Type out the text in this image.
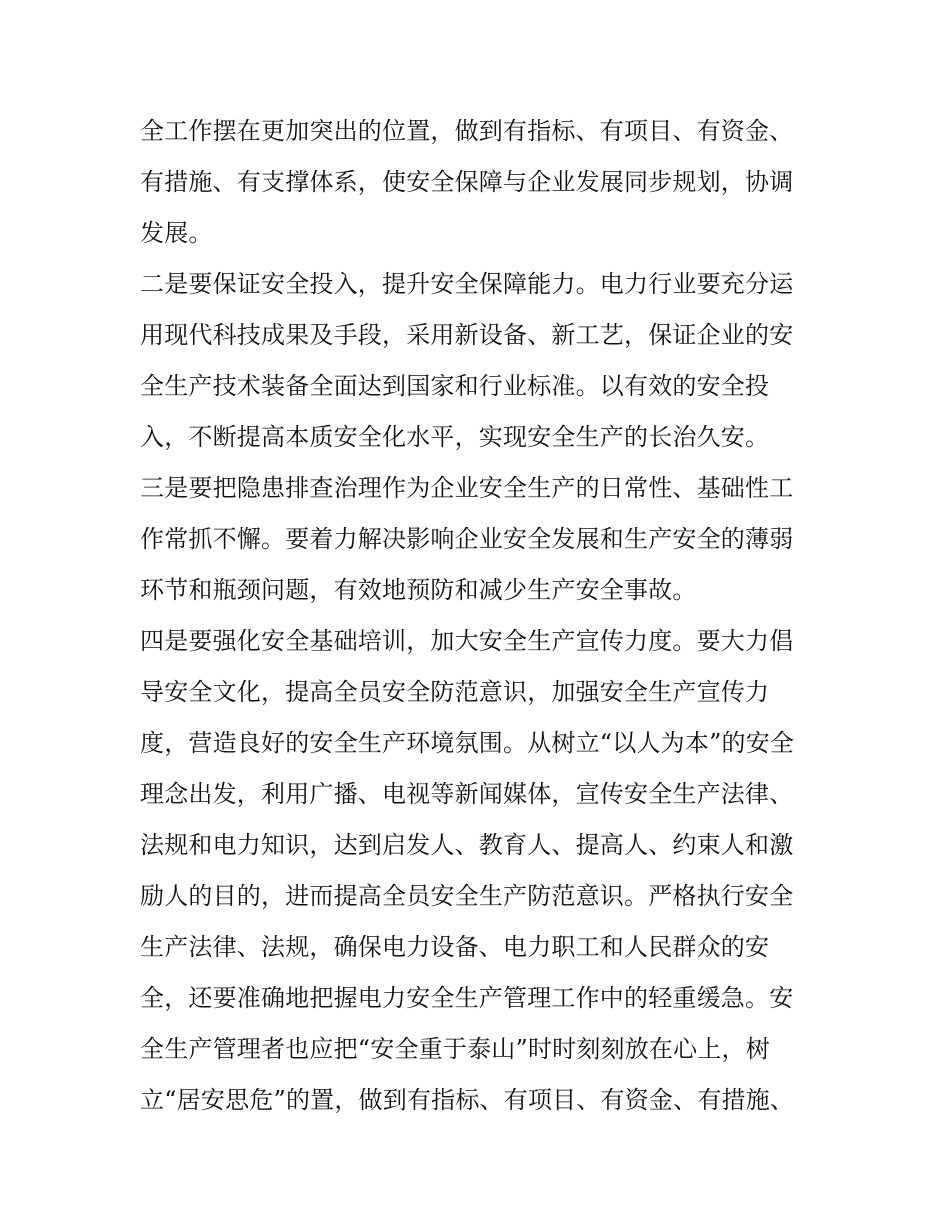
全工作摆在更加突出的位置，做到有指标、有项目、有资金、
有措施、有支撑体系，使安全保障与企业发展同步规划，协调
发展。
二是要保证安全投入，提升安全保障能力。电力行业要充分运
用现代科技成果及手段，采用新设备、新工艺，保证企业的安
全生产技术装备全面达到国家和行业标准。以有效的安全投
入，不断提高本质安全化水平，实现安全生产的长治久安。
三是要把隐患排查治理作为企业安全生产的日常性、基础性工
作常抓不懈。要着力解决影响企业安全发展和生产安全的薄弱
环节和瓶颈问题，有效地预防和减少生产安全事故。
四是要强化安全基础培训，加大安全生产宣传力度。要大力倡
导安全文化，提高全员安全防范意识，加强安全生产宣传力
度，营造良好的安全生产环境氛围。从树立“以人为本”的安全
理念出发，利用广播、电视等新闻媒体，宣传安全生产法律、
法规和电力知识，达到启发人、教育人、提高人、约束人和激
励人的目的，进而提高全员安全生产防范意识。严格执行安全
生产法律、法规，确保电力设备、电力职工和人民群众的安
全，还要准确地把握电力安全生产管理工作中的轻重缓急。安
全生产管理者也应把“安全重于泰山”时时刻刻放在心上，树
立“居安思危”的置，做到有指标、有项目、有资金、有措施、
